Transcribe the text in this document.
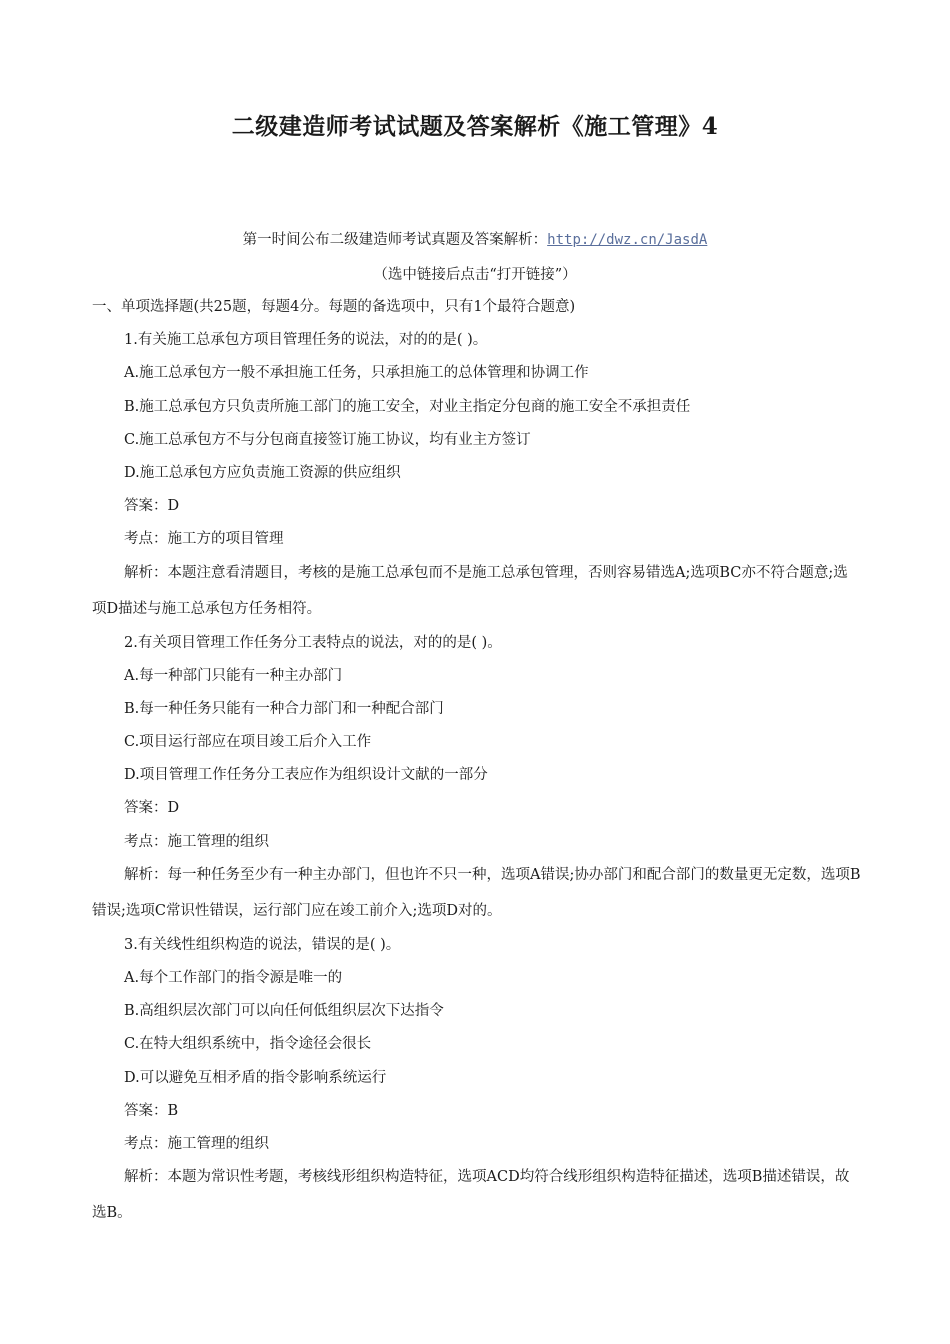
二级建造师考试试题及答案解析《施工管理》4
第一时间公布二级建造师考试真题及答案解析：http://dwz.cn/JasdA
（选中链接后点击“打开链接”）
一、单项选择题(共25题，每题4分。每题的备选项中，只有1个最符合题意)
1.有关施工总承包方项目管理任务的说法，对的的是( )。
A.施工总承包方一般不承担施工任务，只承担施工的总体管理和协调工作
B.施工总承包方只负责所施工部门的施工安全，对业主指定分包商的施工安全不承担责任
C.施工总承包方不与分包商直接签订施工协议，均有业主方签订
D.施工总承包方应负责施工资源的供应组织
答案：D
考点：施工方的项目管理
解析：本题注意看清题目，考核的是施工总承包而不是施工总承包管理，否则容易错选A;选项BC亦不符合题意;选项D描述与施工总承包方任务相符。
2.有关项目管理工作任务分工表特点的说法，对的的是( )。
A.每一种部门只能有一种主办部门
B.每一种任务只能有一种合力部门和一种配合部门
C.项目运行部应在项目竣工后介入工作
D.项目管理工作任务分工表应作为组织设计文献的一部分
答案：D
考点：施工管理的组织
解析：每一种任务至少有一种主办部门，但也许不只一种，选项A错误;协办部门和配合部门的数量更无定数，选项B错误;选项C常识性错误，运行部门应在竣工前介入;选项D对的。
3.有关线性组织构造的说法，错误的是( )。
A.每个工作部门的指令源是唯一的
B.高组织层次部门可以向任何低组织层次下达指令
C.在特大组织系统中，指令途径会很长
D.可以避免互相矛盾的指令影响系统运行
答案：B
考点：施工管理的组织
解析：本题为常识性考题，考核线形组织构造特征，选项ACD均符合线形组织构造特征描述，选项B描述错误，故选B。
